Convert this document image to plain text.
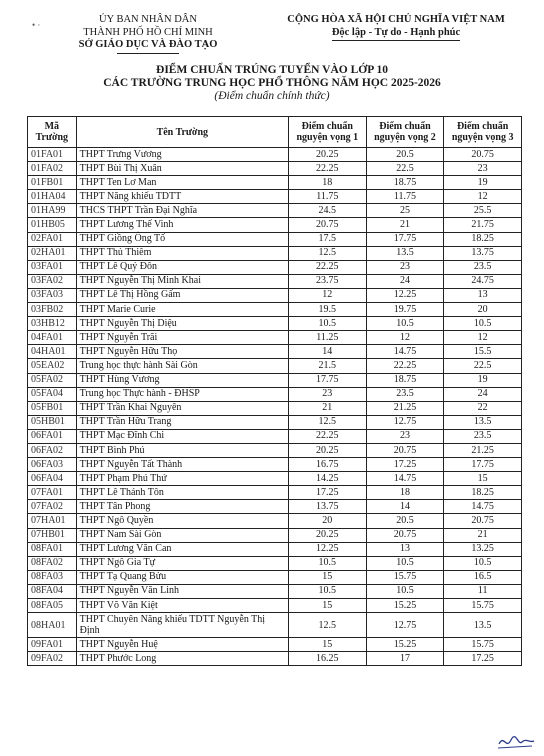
• ·	ỦY BAN NHÂN DÂN
THÀNH PHỐ HỒ CHÍ MINH
SỞ GIÁO DỤC VÀ ĐÀO TẠO
CỘNG HÒA XÃ HỘI CHỦ NGHĨA VIỆT NAM
Độc lập - Tự do - Hạnh phúc
ĐIỂM CHUẨN TRÚNG TUYỂN VÀO LỚP 10
CÁC TRƯỜNG TRUNG HỌC PHỔ THÔNG NĂM HỌC 2025-2026
(Điểm chuẩn chính thức)
Mã Trường	Tên Trường	Điểm chuẩn nguyện vọng 1	Điểm chuẩn nguyện vọng 2	Điểm chuẩn nguyện vọng 3
01FA01	THPT Trưng Vương	20.25	20.5	20.75
01FA02	THPT Bùi Thị Xuân	22.25	22.5	23
01FB01	THPT Ten Lơ Man	18	18.75	19
01HA04	THPT Năng khiếu TDTT	11.75	11.75	12
01HA99	THCS THPT Trần Đại Nghĩa	24.5	25	25.5
01HB05	THPT Lương Thế Vinh	20.75	21	21.75
02FA01	THPT Giồng Ông Tố	17.5	17.75	18.25
02HA01	THPT Thủ Thiêm	12.5	13.5	13.75
03FA01	THPT Lê Quý Đôn	22.25	23	23.5
03FA02	THPT Nguyễn Thị Minh Khai	23.75	24	24.75
03FA03	THPT Lê Thị Hồng Gấm	12	12.25	13
03FB02	THPT Marie Curie	19.5	19.75	20
03HB12	THPT Nguyễn Thị Diệu	10.5	10.5	10.5
04FA01	THPT Nguyễn Trãi	11.25	12	12
04HA01	THPT Nguyễn Hữu Thọ	14	14.75	15.5
05EA02	Trung học thực hành Sài Gòn	21.5	22.25	22.5
05FA02	THPT Hùng Vương	17.75	18.75	19
05FA04	Trung học Thực hành - ĐHSP	23	23.5	24
05FB01	THPT Trần Khai Nguyên	21	21.25	22
05HB01	THPT Trần Hữu Trang	12.5	12.75	13.5
06FA01	THPT Mạc Đĩnh Chi	22.25	23	23.5
06FA02	THPT Bình Phú	20.25	20.75	21.25
06FA03	THPT Nguyễn Tất Thành	16.75	17.25	17.75
06FA04	THPT Phạm Phú Thứ	14.25	14.75	15
07FA01	THPT Lê Thánh Tôn	17.25	18	18.25
07FA02	THPT Tân Phong	13.75	14	14.75
07HA01	THPT Ngô Quyền	20	20.5	20.75
07HB01	THPT Nam Sài Gòn	20.25	20.75	21
08FA01	THPT Lương Văn Can	12.25	13	13.25
08FA02	THPT Ngô Gia Tự	10.5	10.5	10.5
08FA03	THPT Tạ Quang Bửu	15	15.75	16.5
08FA04	THPT Nguyễn Văn Linh	10.5	10.5	11
08FA05	THPT Võ Văn Kiệt	15	15.25	15.75
08HA01	THPT Chuyên Năng khiếu TDTT Nguyễn Thị Định	12.5	12.75	13.5
09FA01	THPT Nguyễn Huệ	15	15.25	15.75
09FA02	THPT Phước Long	16.25	17	17.25
